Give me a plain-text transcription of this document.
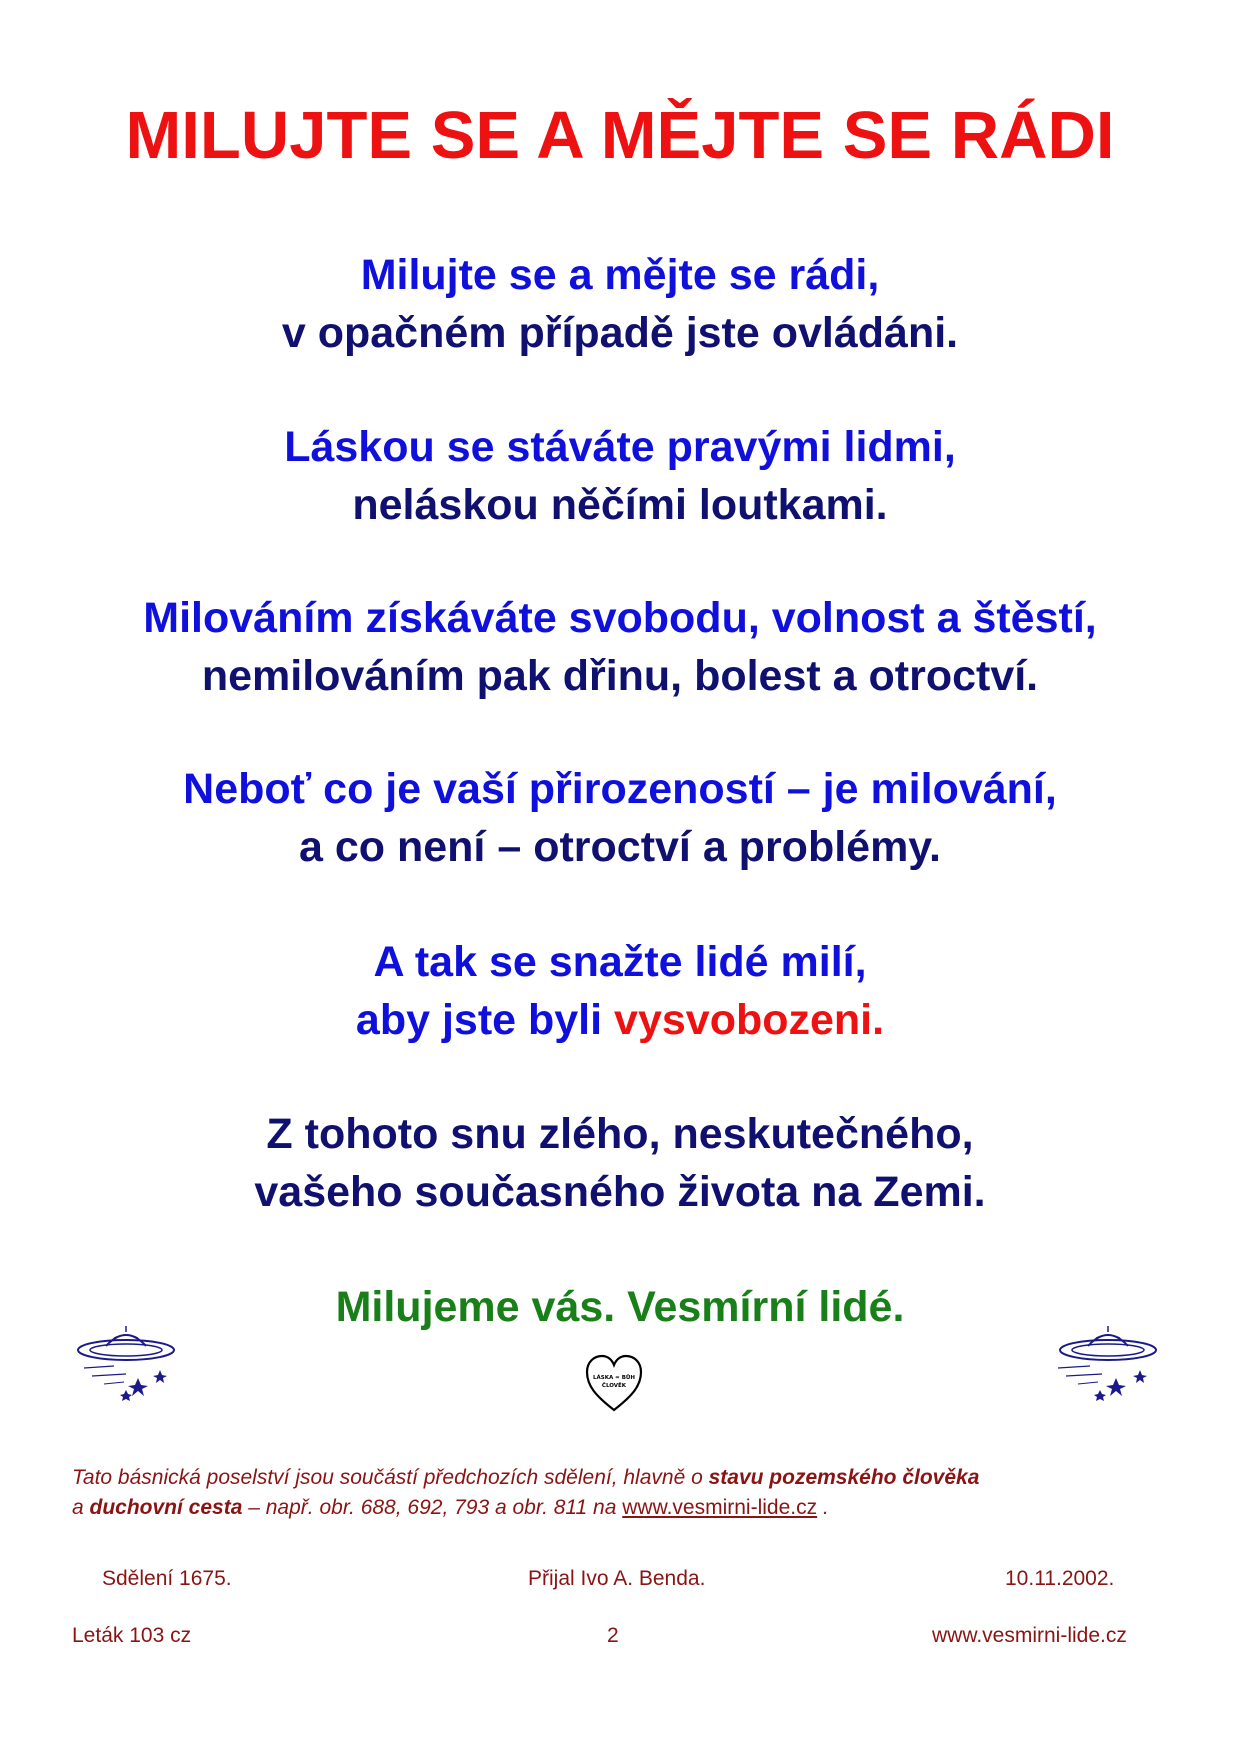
MILUJTE SE A MĚJTE SE RÁDI
Milujte se a mějte se rádi,
v opačném případě jste ovládáni.
Láskou se stáváte pravými lidmi,
neláskou něčími loutkami.
Milováním získáváte svobodu, volnost a štěstí,
nemilováním pak dřinu, bolest a otroctví.
Neboť co je vaší přirozeností – je milování,
a co není – otroctví a problémy.
A tak se snažte lidé milí,
aby jste byli vysvobozeni.
Z tohoto snu zlého, neskutečného,
vašeho současného života na Zemi.
Milujeme vás. Vesmírní lidé.
LÁSKA = BŮH
ČLOVĚK
Tato básnická poselství jsou součástí předchozích sdělení, hlavně o stavu pozemského člověka
a duchovní cesta – např. obr. 688, 692, 793 a obr. 811 na www.vesmirni-lide.cz .
Sdělení 1675.	Přijal Ivo A. Benda.	10.11.2002.
Leták 103 cz	2	www.vesmirni-lide.cz
